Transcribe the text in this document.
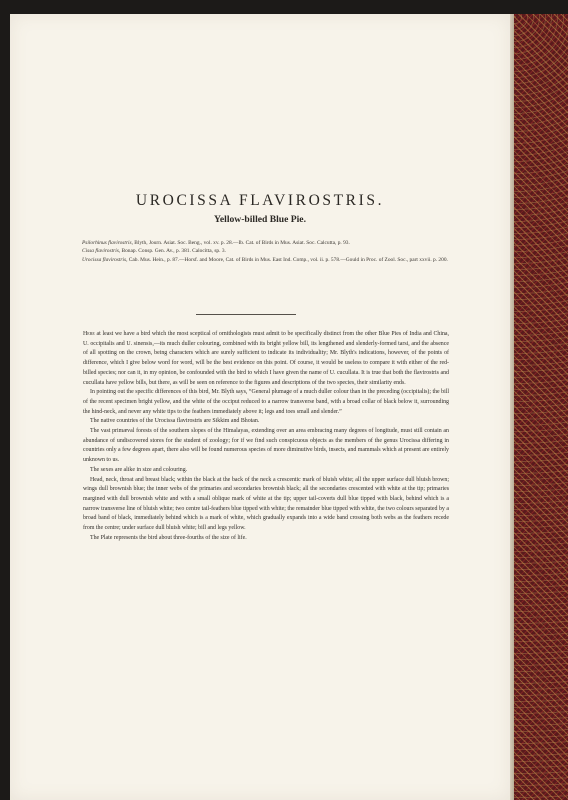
UROCISSA FLAVIROSTRIS.
Yellow-billed Blue Pie.

Psilorhinus flavirostris, Blyth, Journ. Asiat. Soc. Beng., vol. xv. p. 28.—Ib. Cat. of Birds in Mus. Asiat. Soc. Calcutta, p. 93.

Cissa flavirostris, Bonap. Consp. Gen. Av., p. 381. Calocitta, sp. 3.

Urocissa flavirostris, Cab. Mus. Hein., p. 87.—Horsf. and Moore, Cat. of Birds in Mus. East Ind. Comp., vol. ii. p. 578.—Gould in Proc. of Zool. Soc., part xxvii. p. 200.

Here at least we have a bird which the most sceptical of ornithologists must admit to be specifically distinct from the other Blue Pies of India and China, U. occipitalis and U. sinensis,—its much duller colouring, combined with its bright yellow bill, its lengthened and slenderly-formed tarsi, and the absence of all spotting on the crown, being characters which are surely sufficient to indicate its individuality; Mr. Blyth's indications, however, of the points of difference, which I give below word for word, will be the best evidence on this point. Of course, it would be useless to compare it with either of the red-billed species; nor can it, in my opinion, be confounded with the bird to which I have given the name of U. cucullata. It is true that both the flavirostris and cucullata have yellow bills, but there, as will be seen on reference to the figures and descriptions of the two species, their similarity ends.

In pointing out the specific differences of this bird, Mr. Blyth says, “General plumage of a much duller colour than in the preceding (occipitalis); the bill of the recent specimen bright yellow, and the white of the occiput reduced to a narrow transverse band, with a broad collar of black below it, surrounding the hind-neck, and never any white tips to the feathers immediately above it; legs and toes small and slender.”

The native countries of the Urocissa flavirostris are Sikkim and Bhotan.

The vast primæval forests of the southern slopes of the Himalayas, extending over an area embracing many degrees of longitude, must still contain an abundance of undiscovered stores for the student of zoology; for if we find such conspicuous objects as the members of the genus Urocissa differing in countries only a few degrees apart, there also will be found numerous species of more diminutive birds, insects, and mammals which at present are entirely unknown to us.

The sexes are alike in size and colouring.

Head, neck, throat and breast black; within the black at the back of the neck a crescentic mark of bluish white; all the upper surface dull bluish brown; wings dull brownish blue; the inner webs of the primaries and secondaries brownish black; all the secondaries crescented with white at the tip; primaries margined with dull brownish white and with a small oblique mark of white at the tip; upper tail-coverts dull blue tipped with black, behind which is a narrow transverse line of bluish white; two centre tail-feathers blue tipped with white; the remainder blue tipped with white, the two colours separated by a broad band of black, immediately behind which is a mark of white, which gradually expands into a wide band crossing both webs as the feathers recede from the centre; under surface dull bluish white; bill and legs yellow.

The Plate represents the bird about three-fourths of the size of life.
